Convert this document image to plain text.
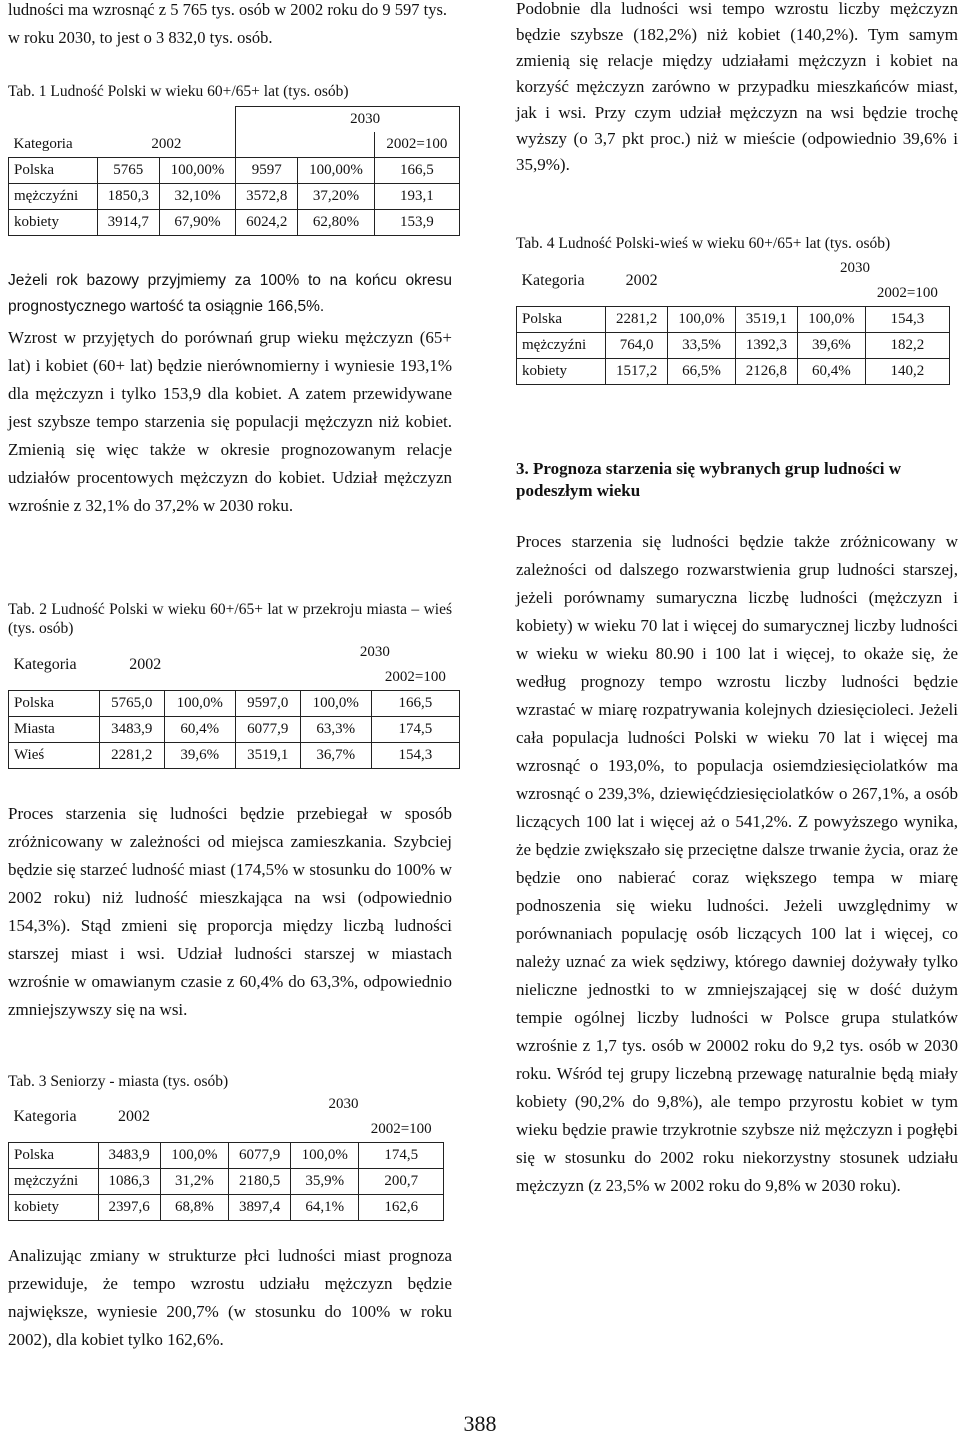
ludności ma wzrosnąć z 5 765 tys. osób w 2002 roku do 9 597 tys. w roku 2030, to jest o 3 832,0 tys. osób.

Tab. 1 Ludność Polski w wieku 60+/65+ lat (tys. osób)

			2030		
Kategoria	2002				2002=100
Polska	5765	100,00%	9597	100,00%	166,5
mężczyźni	1850,3	32,10%	3572,8	37,20%	193,1
kobiety	3914,7	67,90%	6024,2	62,80%	153,9

Jeżeli rok bazowy przyjmiemy za 100% to na końcu okresu prognostycznego wartość ta osiągnie 166,5%.

Wzrost w przyjętych do porównań grup wieku mężczyzn (65+ lat) i kobiet (60+ lat) będzie nierównomierny i wyniesie 193,1% dla mężczyzn i tylko 153,9 dla kobiet. A zatem przewidywane jest szybsze tempo starzenia się populacji mężczyzn niż kobiet. Zmienią się więc także w okresie prognozowanym relacje udziałów procentowych mężczyzn do kobiet. Udział mężczyzn wzrośnie z 32,1% do 37,2% w 2030 roku.

Tab. 2 Ludność Polski w wieku 60+/65+ lat w przekroju miasta – wieś (tys. osób)

Kategoria	2002		2030		
					2002=100
Polska	5765,0	100,0%	9597,0	100,0%	166,5
Miasta	3483,9	60,4%	6077,9	63,3%	174,5
Wieś	2281,2	39,6%	3519,1	36,7%	154,3

Proces starzenia się ludności będzie przebiegał w sposób zróżnicowany w zależności od miejsca zamieszkania. Szybciej będzie się starzeć ludność miast (174,5% w stosunku do 100% w 2002 roku) niż ludność mieszkająca na wsi (odpowiednio 154,3%). Stąd zmieni się proporcja między liczbą ludności starszej miast i wsi. Udział ludności starszej w miastach wzrośnie w omawianym czasie z 60,4% do 63,3%, odpowiednio zmniejszywszy się na wsi.

Tab. 3 Seniorzy - miasta (tys. osób)

Kategoria	2002		2030		
					2002=100
Polska	3483,9	100,0%	6077,9	100,0%	174,5
mężczyźni	1086,3	31,2%	2180,5	35,9%	200,7
kobiety	2397,6	68,8%	3897,4	64,1%	162,6

Analizując zmiany w strukturze płci ludności miast prognoza przewiduje, że tempo wzrostu udziału mężczyzn będzie największe, wyniesie 200,7% (w stosunku do 100% w roku 2002), dla kobiet tylko 162,6%.

Podobnie dla ludności wsi tempo wzrostu liczby mężczyzn będzie szybsze (182,2%) niż kobiet (140,2%). Tym samym zmienią się relacje między udziałami mężczyzn i kobiet na korzyść mężczyzn zarówno w przypadku mieszkańców miast, jak i wsi. Przy czym udział mężczyzn na wsi będzie trochę wyższy (o 3,7 pkt proc.) niż w mieście (odpowiednio 39,6% i 35,9%).

Tab. 4 Ludność Polski-wieś w wieku 60+/65+ lat (tys. osób)

Kategoria	2002		2030		
					2002=100
Polska	2281,2	100,0%	3519,1	100,0%	154,3
mężczyźni	764,0	33,5%	1392,3	39,6%	182,2
kobiety	1517,2	66,5%	2126,8	60,4%	140,2
3. Prognoza starzenia się wybranych grup ludności w podeszłym wieku

Proces starzenia się ludności będzie także zróżnicowany w zależności od dalszego rozwarstwienia grup ludności starszej, jeżeli porównamy sumaryczna liczbę ludności (mężczyzn i kobiety) w wieku 70 lat i więcej do sumarycznej liczby ludności w wieku w wieku 80.90 i 100 lat i więcej, to okaże się, że według prognozy tempo wzrostu liczby ludności będzie wzrastać w miarę rozpatrywania kolejnych dziesięcioleci. Jeżeli cała populacja ludności Polski w wieku 70 lat i więcej ma wzrosnąć o 193,0%, to populacja osiemdziesięciolatków ma wzrosnąć o 239,3%, dziewięćdziesięciolatków o 267,1%, a osób liczących 100 lat i więcej aż o 541,2%. Z powyższego wynika, że będzie zwiększało się przeciętne dalsze trwanie życia, oraz że będzie ono nabierać coraz większego tempa w miarę podnoszenia się wieku ludności. Jeżeli uwzględnimy w porównaniach populację osób liczących 100 lat i więcej, co należy uznać za wiek sędziwy, którego dawniej dożywały tylko nieliczne jednostki to w zmniejszającej się w dość dużym tempie ogólnej liczby ludności w Polsce grupa stulatków wzrośnie z 1,7 tys. osób w 20002 roku do 9,2 tys. osób w 2030 roku. Wśród tej grupy liczebną przewagę naturalnie będą miały kobiety (90,2% do 9,8%), ale tempo przyrostu kobiet w tym wieku będzie prawie trzykrotnie szybsze niż mężczyzn i pogłębi się w stosunku do 2002 roku niekorzystny stosunek udziału mężczyzn (z 23,5% w 2002 roku do 9,8% w 2030 roku).

388
